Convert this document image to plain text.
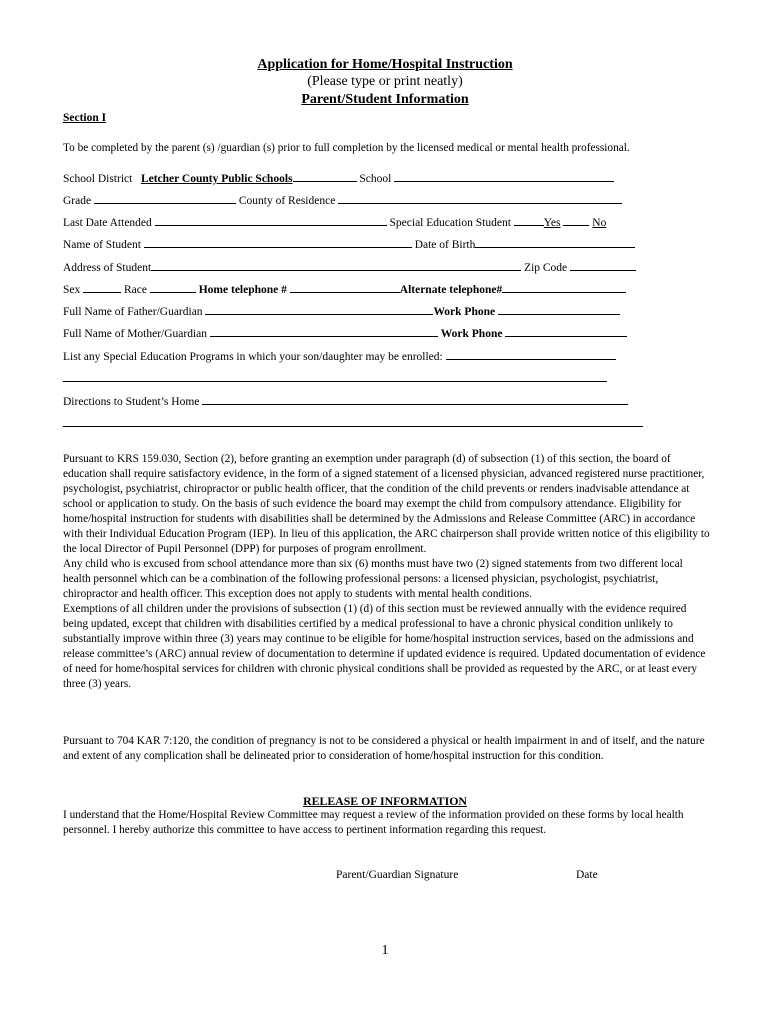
Application for Home/Hospital Instruction
(Please type or print neatly)
Parent/Student Information
Section I
To be completed by the parent (s) /guardian (s) prior to full completion by the licensed medical or mental health professional.
School District Letcher County Public Schools	School
Grade	County of Residence
Last Date Attended	Special Education Student	Yes	No
Name of Student	Date of Birth
Address of Student	Zip Code
Sex	Race	Home telephone #	Alternate telephone#
Full Name of Father/Guardian	Work Phone
Full Name of Mother/Guardian	Work Phone
List any Special Education Programs in which your son/daughter may be enrolled:
Directions to Student’s Home

Pursuant to KRS 159.030, Section (2), before granting an exemption under paragraph (d) of subsection (1) of this section, the board of education shall require satisfactory evidence, in the form of a signed statement of a licensed physician, advanced registered nurse practitioner, psychologist, psychiatrist, chiropractor or public health officer, that the condition of the child prevents or renders inadvisable attendance at school or application to study. On the basis of such evidence the board may exempt the child from compulsory attendance. Eligibility for home/hospital instruction for students with disabilities shall be determined by the Admissions and Release Committee (ARC) in accordance with their Individual Education Program (IEP). In lieu of this application, the ARC chairperson shall provide written notice of this eligibility to the local Director of Pupil Personnel (DPP) for purposes of program enrollment.

Any child who is excused from school attendance more than six (6) months must have two (2) signed statements from two different local health personnel which can be a combination of the following professional persons: a licensed physician, psychologist, psychiatrist, chiropractor and health officer. This exception does not apply to students with mental health conditions.

Exemptions of all children under the provisions of subsection (1) (d) of this section must be reviewed annually with the evidence required being updated, except that children with disabilities certified by a medical professional to have a chronic physical condition unlikely to substantially improve within three (3) years may continue to be eligible for home/hospital instruction services, based on the admissions and release committee’s (ARC) annual review of documentation to determine if updated evidence is required. Updated documentation of evidence of need for home/hospital services for children with chronic physical conditions shall be provided as requested by the ARC, or at least every three (3) years.

Pursuant to 704 KAR 7:120, the condition of pregnancy is not to be considered a physical or health impairment in and of itself, and the nature and extent of any complication shall be delineated prior to consideration of home/hospital instruction for this condition.
RELEASE OF INFORMATION
I understand that the Home/Hospital Review Committee may request a review of the information provided on these forms by local health personnel. I hereby authorize this committee to have access to pertinent information regarding this request.
Parent/Guardian Signature	Date
1
